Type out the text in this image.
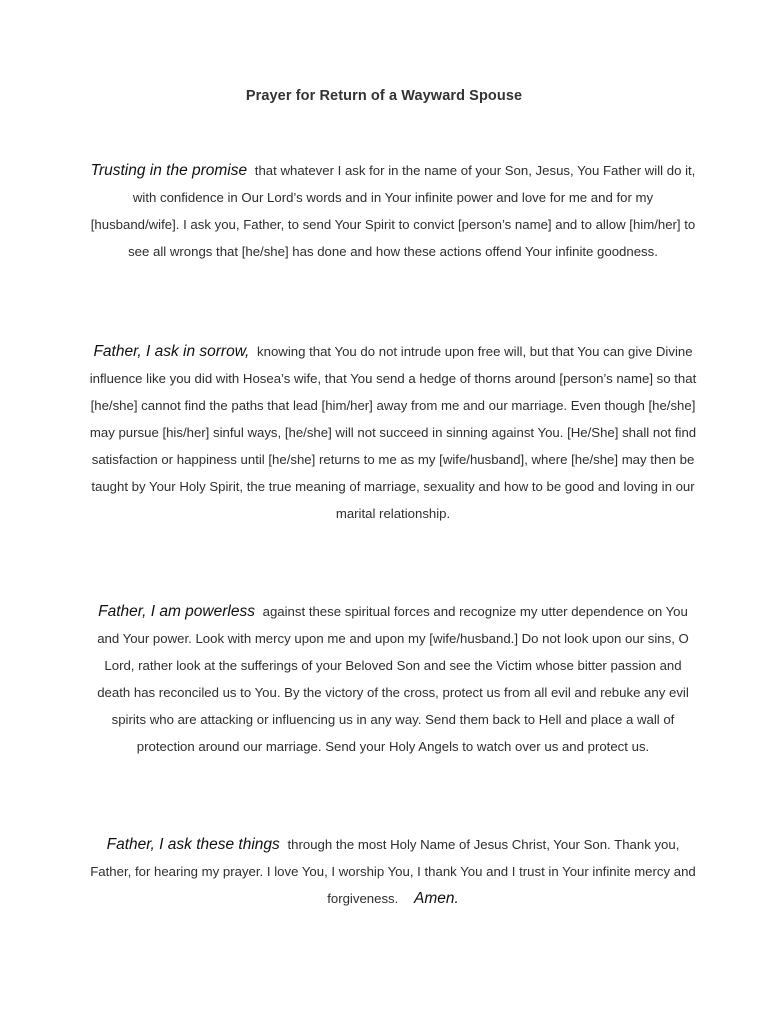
Prayer for Return of a Wayward Spouse
Trusting in the promise that whatever I ask for in the name of your Son, Jesus, You Father will do it, with confidence in Our Lord’s words and in Your infinite power and love for me and for my [husband/wife]. I ask you, Father, to send Your Spirit to convict [person’s name] and to allow [him/her] to see all wrongs that [he/she] has done and how these actions offend Your infinite goodness.
Father, I ask in sorrow, knowing that You do not intrude upon free will, but that You can give Divine influence like you did with Hosea’s wife, that You send a hedge of thorns around [person’s name] so that [he/she] cannot find the paths that lead [him/her] away from me and our marriage. Even though [he/she] may pursue [his/her] sinful ways, [he/she] will not succeed in sinning against You. [He/She] shall not find satisfaction or happiness until [he/she] returns to me as my [wife/husband], where [he/she] may then be taught by Your Holy Spirit, the true meaning of marriage, sexuality and how to be good and loving in our marital relationship.
Father, I am powerless against these spiritual forces and recognize my utter dependence on You and Your power. Look with mercy upon me and upon my [wife/husband.] Do not look upon our sins, O Lord, rather look at the sufferings of your Beloved Son and see the Victim whose bitter passion and death has reconciled us to You. By the victory of the cross, protect us from all evil and rebuke any evil spirits who are attacking or influencing us in any way. Send them back to Hell and place a wall of protection around our marriage. Send your Holy Angels to watch over us and protect us.
Father, I ask these things through the most Holy Name of Jesus Christ, Your Son. Thank you, Father, for hearing my prayer. I love You, I worship You, I thank You and I trust in Your infinite mercy and forgiveness. Amen.
